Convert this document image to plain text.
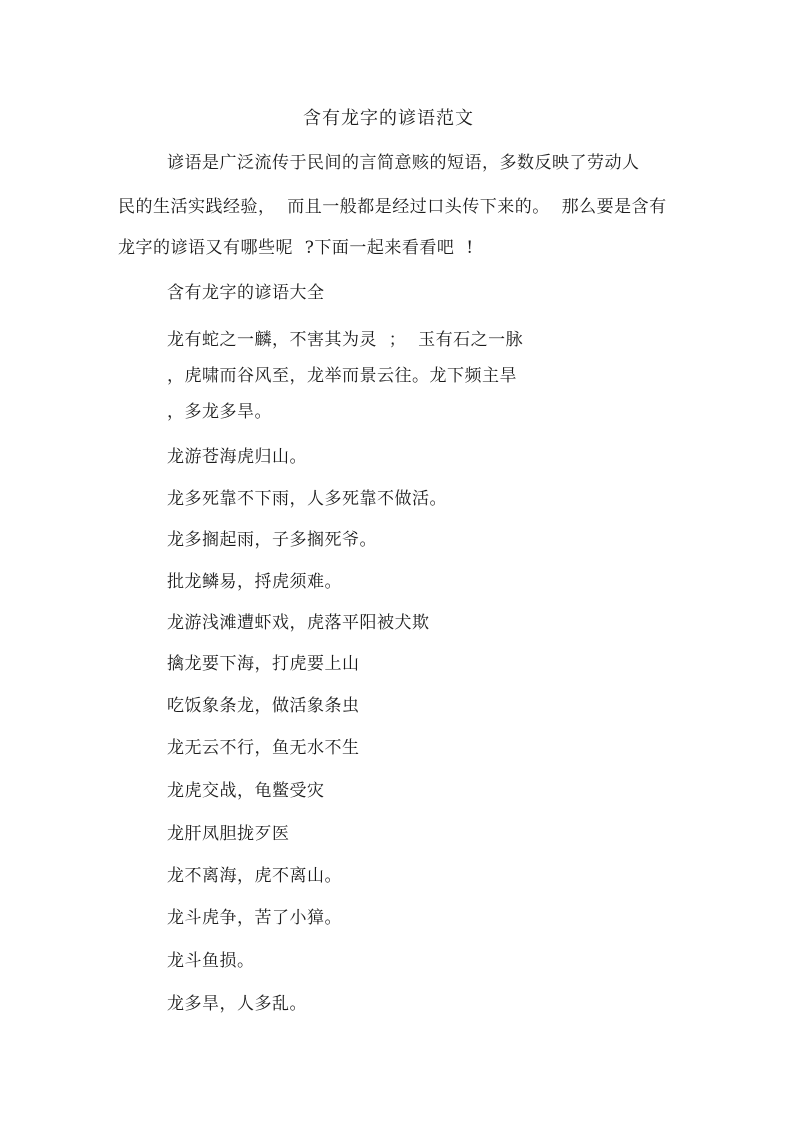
含有龙字的谚语范文
谚语是广泛流传于民间的言简意赅的短语，多数反映了劳动人
民的生活实践经验，  而且一般都是经过口头传下来的。  那么要是含有
龙字的谚语又有哪些呢  ?下面一起来看看吧  !
含有龙字的谚语大全
龙有蛇之一麟，不害其为灵  ；  玉有石之一脉
，虎啸而谷风至，龙举而景云往。龙下频主旱
，多龙多旱。
龙游苍海虎归山。
龙多死靠不下雨，人多死靠不做活。
龙多搁起雨，子多搁死爷。
批龙鳞易，捋虎须难。
龙游浅滩遭虾戏，虎落平阳被犬欺
擒龙要下海，打虎要上山
吃饭象条龙，做活象条虫
龙无云不行，鱼无水不生
龙虎交战，龟鳖受灾
龙肝凤胆拢歹医
龙不离海，虎不离山。
龙斗虎争，苦了小獐。
龙斗鱼损。
龙多旱，人多乱。
